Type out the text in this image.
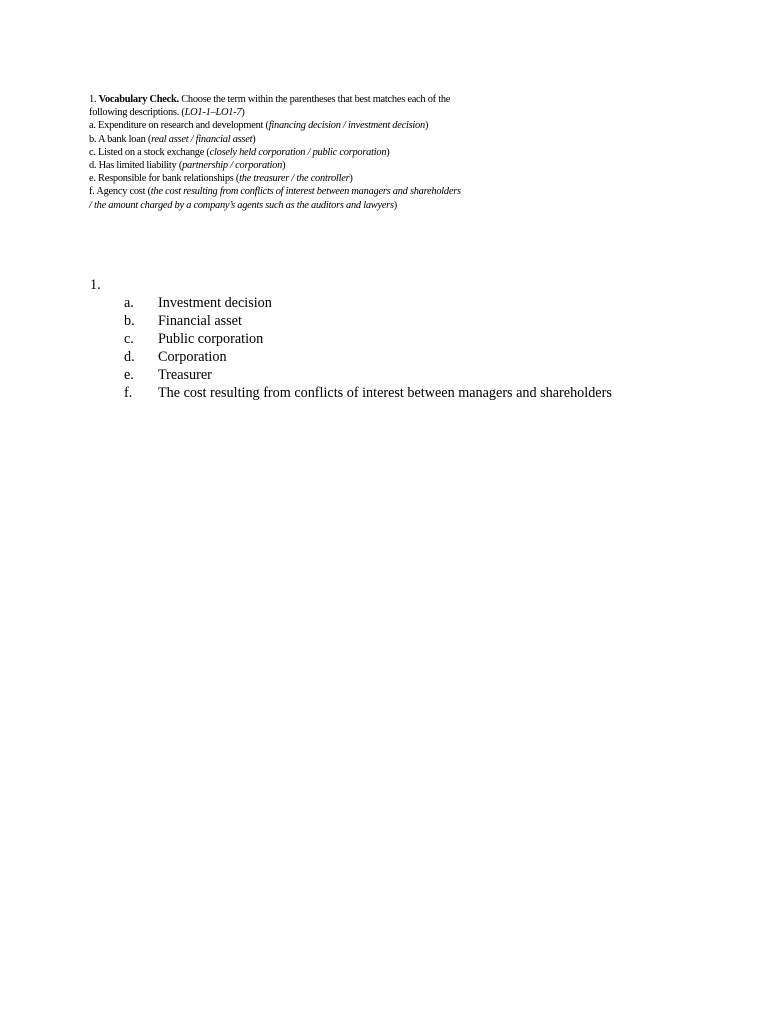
1. Vocabulary Check. Choose the term within the parentheses that best matches each of the
following descriptions. (LO1-1–LO1-7)
a. Expenditure on research and development (financing decision / investment decision)
b. A bank loan (real asset / financial asset)
c. Listed on a stock exchange (closely held corporation / public corporation)
d. Has limited liability (partnership / corporation)
e. Responsible for bank relationships (the treasurer / the controller)
f. Agency cost (the cost resulting from conflicts of interest between managers and shareholders
/ the amount charged by a company’s agents such as the auditors and lawyers)
1.
a. Investment decision
b. Financial asset
c. Public corporation
d. Corporation
e. Treasurer
f. The cost resulting from conflicts of interest between managers and shareholders
